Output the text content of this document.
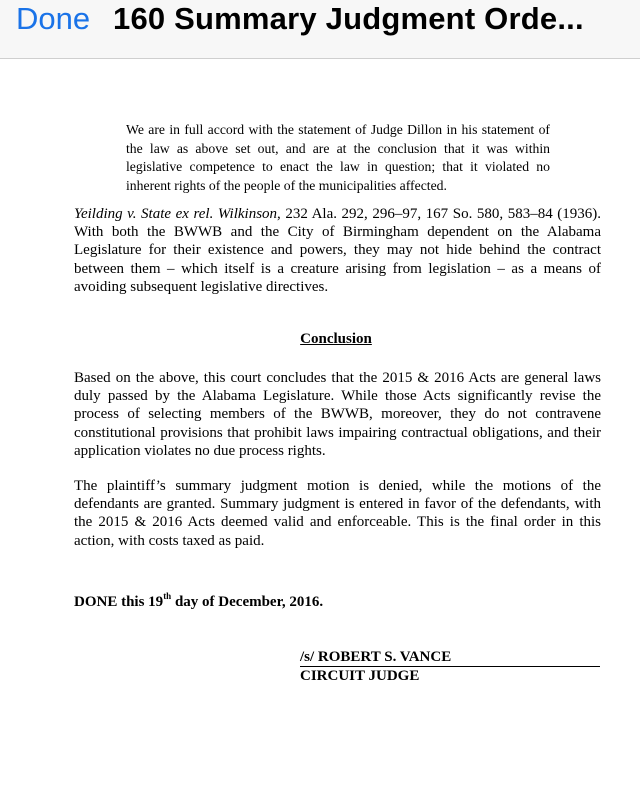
Done 160 Summary Judgment Orde...
We are in full accord with the statement of Judge Dillon in his statement of the law as above set out, and are at the conclusion that it was within legislative competence to enact the law in question; that it violated no inherent rights of the people of the municipalities affected.
Yeilding v. State ex rel. Wilkinson, 232 Ala. 292, 296–97, 167 So. 580, 583–84 (1936). With both the BWWB and the City of Birmingham dependent on the Alabama Legislature for their existence and powers, they may not hide behind the contract between them – which itself is a creature arising from legislation – as a means of avoiding subsequent legislative directives.
Conclusion
Based on the above, this court concludes that the 2015 & 2016 Acts are general laws duly passed by the Alabama Legislature. While those Acts significantly revise the process of selecting members of the BWWB, moreover, they do not contravene constitutional provisions that prohibit laws impairing contractual obligations, and their application violates no due process rights.
The plaintiff’s summary judgment motion is denied, while the motions of the defendants are granted. Summary judgment is entered in favor of the defendants, with the 2015 & 2016 Acts deemed valid and enforceable. This is the final order in this action, with costs taxed as paid.
DONE this 19th day of December, 2016.
/s/ ROBERT S. VANCE
CIRCUIT JUDGE
